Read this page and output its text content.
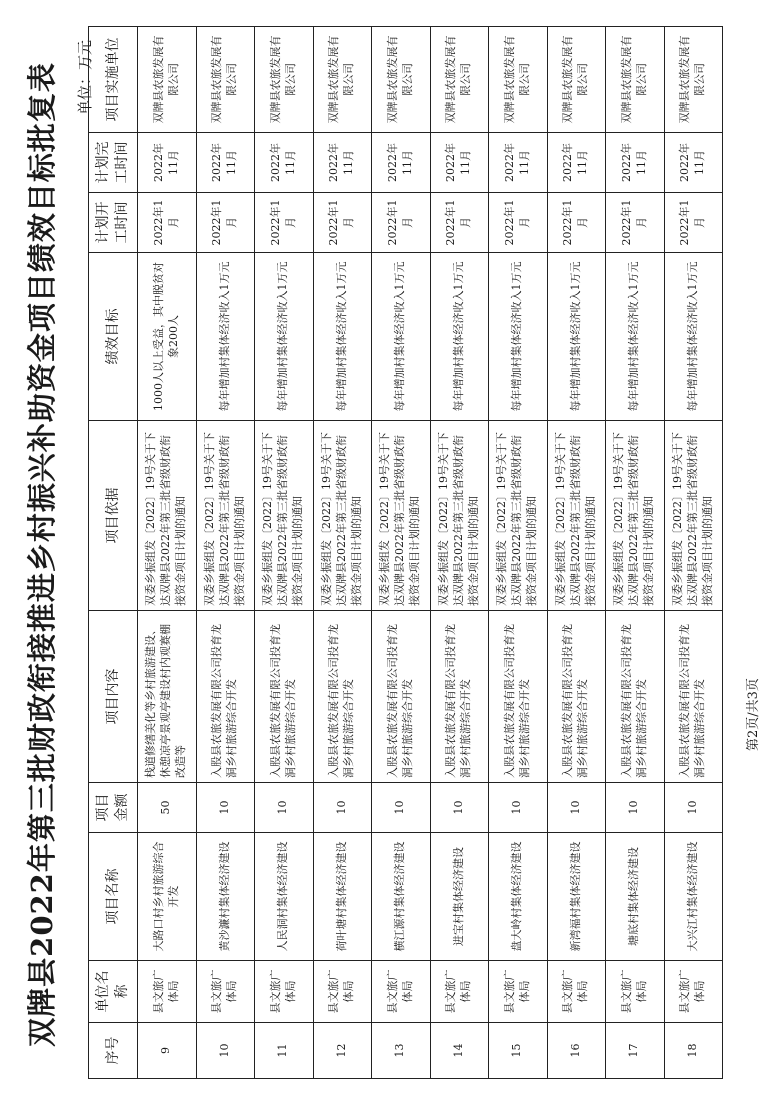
双牌县2022年第三批财政衔接推进乡村振兴补助资金项目绩效目标批复表 单位：万元
序号	单位名称	项目名称	项目金额	项目内容	项目依据	绩效目标	计划开工时间	计划完工时间	项目实施单位
9	县文旅广体局	大路口村乡村旅游综合开发	50	栈道修缮美化等乡村旅游建设、休憩凉亭景观亭建设村内观赛棚改造等	双委乡振组发〔2022〕19号关于下达双牌县2022年第三批省级财政衔接资金项目计划的通知	1000人以上受益，其中脱贫对象200人	2022年1月	2022年11月	双牌县农旅发展有限公司
10	县文旅广体局	黄沙濂村集体经济建设	10	入股县农旅发展有限公司投育龙洞乡村旅游综合开发	双委乡振组发〔2022〕19号关于下达双牌县2022年第三批省级财政衔接资金项目计划的通知	每年增加村集体经济收入1万元	2022年1月	2022年11月	双牌县农旅发展有限公司
11	县文旅广体局	人民洞村集体经济建设	10	入股县农旅发展有限公司投育龙洞乡村旅游综合开发	双委乡振组发〔2022〕19号关于下达双牌县2022年第三批省级财政衔接资金项目计划的通知	每年增加村集体经济收入1万元	2022年1月	2022年11月	双牌县农旅发展有限公司
12	县文旅广体局	荷叶塘村集体经济建设	10	入股县农旅发展有限公司投育龙洞乡村旅游综合开发	双委乡振组发〔2022〕19号关于下达双牌县2022年第三批省级财政衔接资金项目计划的通知	每年增加村集体经济收入1万元	2022年1月	2022年11月	双牌县农旅发展有限公司
13	县文旅广体局	横江源村集体经济建设	10	入股县农旅发展有限公司投育龙洞乡村旅游综合开发	双委乡振组发〔2022〕19号关于下达双牌县2022年第三批省级财政衔接资金项目计划的通知	每年增加村集体经济收入1万元	2022年1月	2022年11月	双牌县农旅发展有限公司
14	县文旅广体局	进宝村集体经济建设	10	入股县农旅发展有限公司投育龙洞乡村旅游综合开发	双委乡振组发〔2022〕19号关于下达双牌县2022年第三批省级财政衔接资金项目计划的通知	每年增加村集体经济收入1万元	2022年1月	2022年11月	双牌县农旅发展有限公司
15	县文旅广体局	盘大岭村集体经济建设	10	入股县农旅发展有限公司投育龙洞乡村旅游综合开发	双委乡振组发〔2022〕19号关于下达双牌县2022年第三批省级财政衔接资金项目计划的通知	每年增加村集体经济收入1万元	2022年1月	2022年11月	双牌县农旅发展有限公司
16	县文旅广体局	新湾福村集体经济建设	10	入股县农旅发展有限公司投育龙洞乡村旅游综合开发	双委乡振组发〔2022〕19号关于下达双牌县2022年第三批省级财政衔接资金项目计划的通知	每年增加村集体经济收入1万元	2022年1月	2022年11月	双牌县农旅发展有限公司
17	县文旅广体局	塘底村集体经济建设	10	入股县农旅发展有限公司投育龙洞乡村旅游综合开发	双委乡振组发〔2022〕19号关于下达双牌县2022年第三批省级财政衔接资金项目计划的通知	每年增加村集体经济收入1万元	2022年1月	2022年11月	双牌县农旅发展有限公司
18	县文旅广体局	大兴江村集体经济建设	10	入股县农旅发展有限公司投育龙洞乡村旅游综合开发	双委乡振组发〔2022〕19号关于下达双牌县2022年第三批省级财政衔接资金项目计划的通知	每年增加村集体经济收入1万元	2022年1月	2022年11月	双牌县农旅发展有限公司
第2页/共3页
